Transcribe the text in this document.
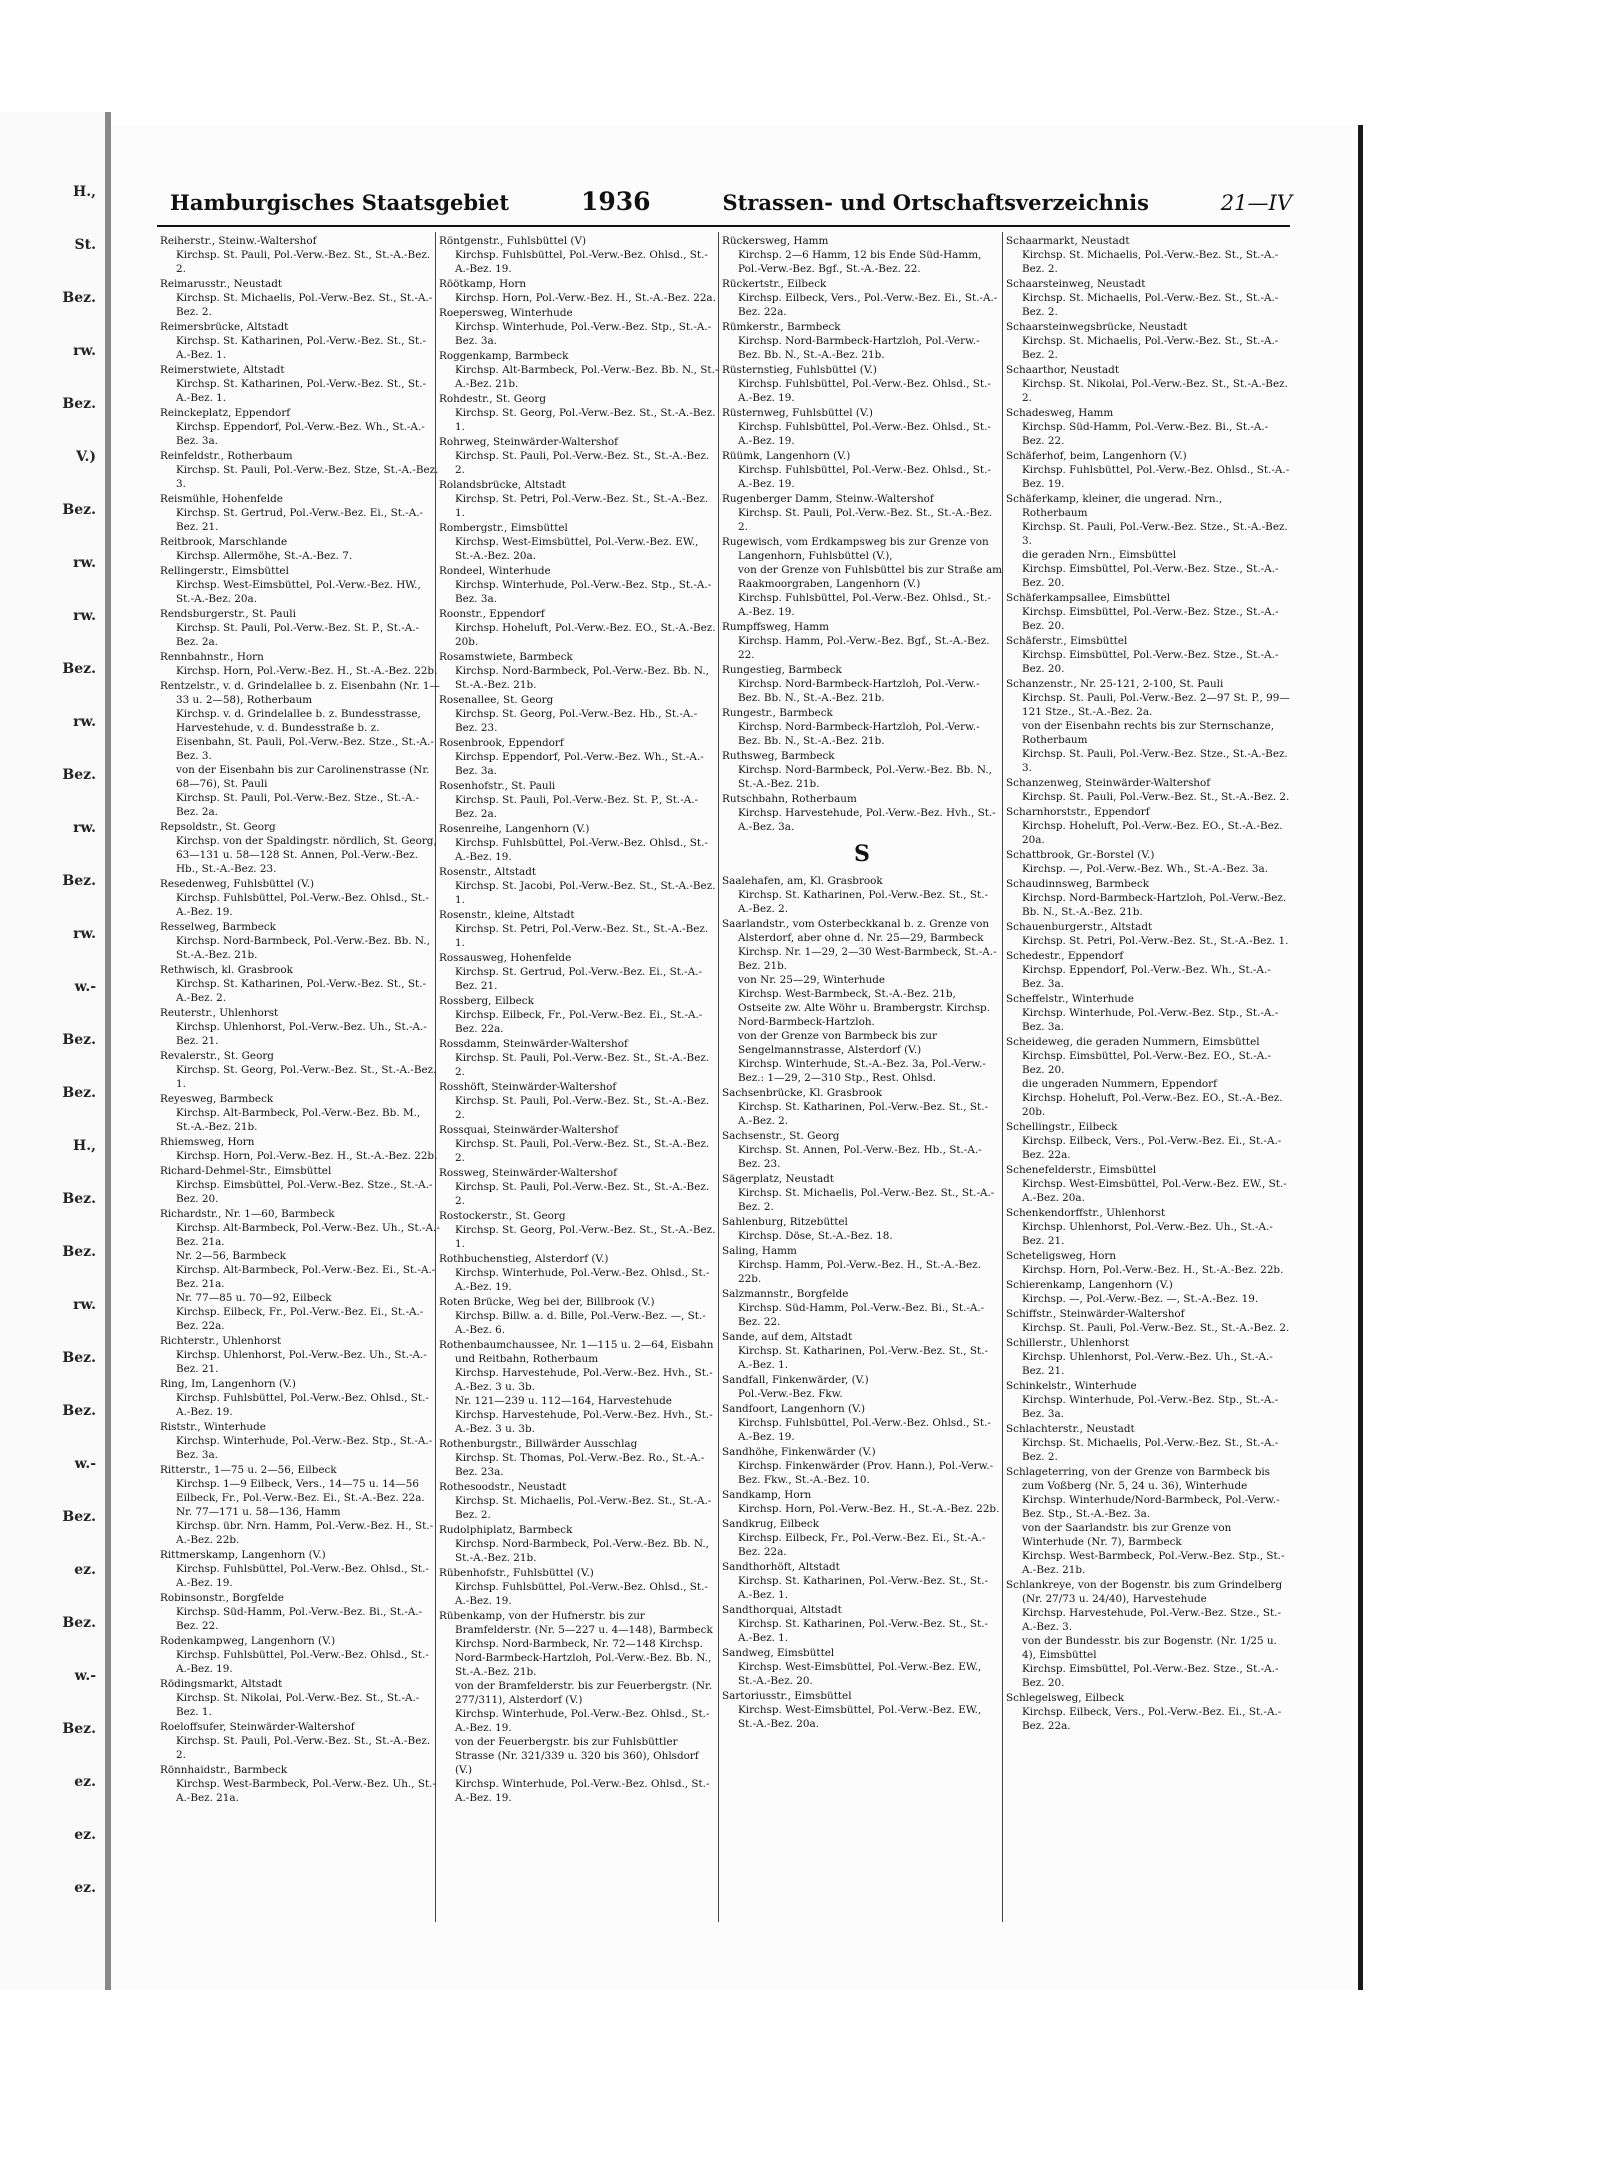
H.,
St.
Bez.
rw.
Bez.
V.)
Bez.
rw.
rw.
Bez.
rw.
Bez.
rw.
Bez.
rw.
w.-
Bez.
Bez.
H.,
Bez.
Bez.
rw.
Bez.
Bez.
w.-
Bez.
ez.
Bez.
w.-
Bez.
ez.
ez.
ez.
Hamburgisches Staatsgebiet	1936	Strassen- und Ortschaftsverzeichnis	21—IV

Reiherstr., Steinw.-Waltershof

Kirchsp. St. Pauli, Pol.-Verw.-Bez. St., St.-A.-Bez. 2.

Reimarusstr., Neustadt

Kirchsp. St. Michaelis, Pol.-Verw.-Bez. St., St.-A.-Bez. 2.

Reimersbrücke, Altstadt

Kirchsp. St. Katharinen, Pol.-Verw.-Bez. St., St.-A.-Bez. 1.

Reimerstwiete, Altstadt

Kirchsp. St. Katharinen, Pol.-Verw.-Bez. St., St.-A.-Bez. 1.

Reinckeplatz, Eppendorf

Kirchsp. Eppendorf, Pol.-Verw.-Bez. Wh., St.-A.-Bez. 3a.

Reinfeldstr., Rotherbaum

Kirchsp. St. Pauli, Pol.-Verw.-Bez. Stze, St.-A.-Bez. 3.

Reismühle, Hohenfelde

Kirchsp. St. Gertrud, Pol.-Verw.-Bez. Ei., St.-A.-Bez. 21.

Reitbrook, Marschlande

Kirchsp. Allermöhe, St.-A.-Bez. 7.

Rellingerstr., Eimsbüttel

Kirchsp. West-Eimsbüttel, Pol.-Verw.-Bez. HW., St.-A.-Bez. 20a.

Rendsburgerstr., St. Pauli

Kirchsp. St. Pauli, Pol.-Verw.-Bez. St. P., St.-A.-Bez. 2a.

Rennbahnstr., Horn

Kirchsp. Horn, Pol.-Verw.-Bez. H., St.-A.-Bez. 22b.

Rentzelstr., v. d. Grindelallee b. z. Eisenbahn (Nr. 1—33 u. 2—58), Rotherbaum

Kirchsp. v. d. Grindelallee b. z. Bundesstrasse, Harvestehude, v. d. Bundesstraße b. z. Eisenbahn, St. Pauli, Pol.-Verw.-Bez. Stze., St.-A.-Bez. 3.

von der Eisenbahn bis zur Carolinenstrasse (Nr. 68—76), St. Pauli

Kirchsp. St. Pauli, Pol.-Verw.-Bez. Stze., St.-A.-Bez. 2a.

Repsoldstr., St. Georg

Kirchsp. von der Spaldingstr. nördlich, St. Georg, 63—131 u. 58—128 St. Annen, Pol.-Verw.-Bez. Hb., St.-A.-Bez. 23.

Resedenweg, Fuhlsbüttel (V.)

Kirchsp. Fuhlsbüttel, Pol.-Verw.-Bez. Ohlsd., St.-A.-Bez. 19.

Resselweg, Barmbeck

Kirchsp. Nord-Barmbeck, Pol.-Verw.-Bez. Bb. N., St.-A.-Bez. 21b.

Rethwisch, kl. Grasbrook

Kirchsp. St. Katharinen, Pol.-Verw.-Bez. St., St.-A.-Bez. 2.

Reuterstr., Uhlenhorst

Kirchsp. Uhlenhorst, Pol.-Verw.-Bez. Uh., St.-A.-Bez. 21.

Revalerstr., St. Georg

Kirchsp. St. Georg, Pol.-Verw.-Bez. St., St.-A.-Bez. 1.

Reyesweg, Barmbeck

Kirchsp. Alt-Barmbeck, Pol.-Verw.-Bez. Bb. M., St.-A.-Bez. 21b.

Rhiemsweg, Horn

Kirchsp. Horn, Pol.-Verw.-Bez. H., St.-A.-Bez. 22b.

Richard-Dehmel-Str., Eimsbüttel

Kirchsp. Eimsbüttel, Pol.-Verw.-Bez. Stze., St.-A.-Bez. 20.

Richardstr., Nr. 1—60, Barmbeck

Kirchsp. Alt-Barmbeck, Pol.-Verw.-Bez. Uh., St.-A.-Bez. 21a.

Nr. 2—56, Barmbeck

Kirchsp. Alt-Barmbeck, Pol.-Verw.-Bez. Ei., St.-A.-Bez. 21a.

Nr. 77—85 u. 70—92, Eilbeck

Kirchsp. Eilbeck, Fr., Pol.-Verw.-Bez. Ei., St.-A.-Bez. 22a.

Richterstr., Uhlenhorst

Kirchsp. Uhlenhorst, Pol.-Verw.-Bez. Uh., St.-A.-Bez. 21.

Ring, Im, Langenhorn (V.)

Kirchsp. Fuhlsbüttel, Pol.-Verw.-Bez. Ohlsd., St.-A.-Bez. 19.

Riststr., Winterhude

Kirchsp. Winterhude, Pol.-Verw.-Bez. Stp., St.-A.-Bez. 3a.

Ritterstr., 1—75 u. 2—56, Eilbeck

Kirchsp. 1—9 Eilbeck, Vers., 14—75 u. 14—56 Eilbeck, Fr., Pol.-Verw.-Bez. Ei., St.-A.-Bez. 22a.

Nr. 77—171 u. 58—136, Hamm

Kirchsp. übr. Nrn. Hamm, Pol.-Verw.-Bez. H., St.-A.-Bez. 22b.

Rittmerskamp, Langenhorn (V.)

Kirchsp. Fuhlsbüttel, Pol.-Verw.-Bez. Ohlsd., St.-A.-Bez. 19.

Robinsonstr., Borgfelde

Kirchsp. Süd-Hamm, Pol.-Verw.-Bez. Bi., St.-A.-Bez. 22.

Rodenkampweg, Langenhorn (V.)

Kirchsp. Fuhlsbüttel, Pol.-Verw.-Bez. Ohlsd., St.-A.-Bez. 19.

Rödingsmarkt, Altstadt

Kirchsp. St. Nikolai, Pol.-Verw.-Bez. St., St.-A.-Bez. 1.

Roeloffsufer, Steinwärder-Waltershof

Kirchsp. St. Pauli, Pol.-Verw.-Bez. St., St.-A.-Bez. 2.

Rönnhaidstr., Barmbeck

Kirchsp. West-Barmbeck, Pol.-Verw.-Bez. Uh., St.-A.-Bez. 21a.

Röntgenstr., Fuhlsbüttel (V)

Kirchsp. Fuhlsbüttel, Pol.-Verw.-Bez. Ohlsd., St.-A.-Bez. 19.

Röötkamp, Horn

Kirchsp. Horn, Pol.-Verw.-Bez. H., St.-A.-Bez. 22a.

Roepersweg, Winterhude

Kirchsp. Winterhude, Pol.-Verw.-Bez. Stp., St.-A.-Bez. 3a.

Roggenkamp, Barmbeck

Kirchsp. Alt-Barmbeck, Pol.-Verw.-Bez. Bb. N., St.-A.-Bez. 21b.

Rohdestr., St. Georg

Kirchsp. St. Georg, Pol.-Verw.-Bez. St., St.-A.-Bez. 1.

Rohrweg, Steinwärder-Waltershof

Kirchsp. St. Pauli, Pol.-Verw.-Bez. St., St.-A.-Bez. 2.

Rolandsbrücke, Altstadt

Kirchsp. St. Petri, Pol.-Verw.-Bez. St., St.-A.-Bez. 1.

Rombergstr., Eimsbüttel

Kirchsp. West-Eimsbüttel, Pol.-Verw.-Bez. EW., St.-A.-Bez. 20a.

Rondeel, Winterhude

Kirchsp. Winterhude, Pol.-Verw.-Bez. Stp., St.-A.-Bez. 3a.

Roonstr., Eppendorf

Kirchsp. Hoheluft, Pol.-Verw.-Bez. EO., St.-A.-Bez. 20b.

Rosamstwiete, Barmbeck

Kirchsp. Nord-Barmbeck, Pol.-Verw.-Bez. Bb. N., St.-A.-Bez. 21b.

Rosenallee, St. Georg

Kirchsp. St. Georg, Pol.-Verw.-Bez. Hb., St.-A.-Bez. 23.

Rosenbrook, Eppendorf

Kirchsp. Eppendorf, Pol.-Verw.-Bez. Wh., St.-A.-Bez. 3a.

Rosenhofstr., St. Pauli

Kirchsp. St. Pauli, Pol.-Verw.-Bez. St. P., St.-A.-Bez. 2a.

Rosenreihe, Langenhorn (V.)

Kirchsp. Fuhlsbüttel, Pol.-Verw.-Bez. Ohlsd., St.-A.-Bez. 19.

Rosenstr., Altstadt

Kirchsp. St. Jacobi, Pol.-Verw.-Bez. St., St.-A.-Bez. 1.

Rosenstr., kleine, Altstadt

Kirchsp. St. Petri, Pol.-Verw.-Bez. St., St.-A.-Bez. 1.

Rossausweg, Hohenfelde

Kirchsp. St. Gertrud, Pol.-Verw.-Bez. Ei., St.-A.-Bez. 21.

Rossberg, Eilbeck

Kirchsp. Eilbeck, Fr., Pol.-Verw.-Bez. Ei., St.-A.-Bez. 22a.

Rossdamm, Steinwärder-Waltershof

Kirchsp. St. Pauli, Pol.-Verw.-Bez. St., St.-A.-Bez. 2.

Rosshöft, Steinwärder-Waltershof

Kirchsp. St. Pauli, Pol.-Verw.-Bez. St., St.-A.-Bez. 2.

Rossquai, Steinwärder-Waltershof

Kirchsp. St. Pauli, Pol.-Verw.-Bez. St., St.-A.-Bez. 2.

Rossweg, Steinwärder-Waltershof

Kirchsp. St. Pauli, Pol.-Verw.-Bez. St., St.-A.-Bez. 2.

Rostockerstr., St. Georg

Kirchsp. St. Georg, Pol.-Verw.-Bez. St., St.-A.-Bez. 1.

Rothbuchenstieg, Alsterdorf (V.)

Kirchsp. Winterhude, Pol.-Verw.-Bez. Ohlsd., St.-A.-Bez. 19.

Roten Brücke, Weg bei der, Billbrook (V.)

Kirchsp. Billw. a. d. Bille, Pol.-Verw.-Bez. —, St.-A.-Bez. 6.

Rothenbaumchaussee, Nr. 1—115 u. 2—64, Eisbahn und Reitbahn, Rotherbaum

Kirchsp. Harvestehude, Pol.-Verw.-Bez. Hvh., St.-A.-Bez. 3 u. 3b.

Nr. 121—239 u. 112—164, Harvestehude

Kirchsp. Harvestehude, Pol.-Verw.-Bez. Hvh., St.-A.-Bez. 3 u. 3b.

Rothenburgstr., Billwärder Ausschlag

Kirchsp. St. Thomas, Pol.-Verw.-Bez. Ro., St.-A.-Bez. 23a.

Rothesoodstr., Neustadt

Kirchsp. St. Michaelis, Pol.-Verw.-Bez. St., St.-A.-Bez. 2.

Rudolphiplatz, Barmbeck

Kirchsp. Nord-Barmbeck, Pol.-Verw.-Bez. Bb. N., St.-A.-Bez. 21b.

Rübenhofstr., Fuhlsbüttel (V.)

Kirchsp. Fuhlsbüttel, Pol.-Verw.-Bez. Ohlsd., St.-A.-Bez. 19.

Rübenkamp, von der Hufnerstr. bis zur Bramfelderstr. (Nr. 5—227 u. 4—148), Barmbeck

Kirchsp. Nord-Barmbeck, Nr. 72—148 Kirchsp. Nord-Barmbeck-Hartzloh, Pol.-Verw.-Bez. Bb. N., St.-A.-Bez. 21b.

von der Bramfelderstr. bis zur Feuerbergstr. (Nr. 277/311), Alsterdorf (V.)

Kirchsp. Winterhude, Pol.-Verw.-Bez. Ohlsd., St.-A.-Bez. 19.

von der Feuerbergstr. bis zur Fuhlsbüttler Strasse (Nr. 321/339 u. 320 bis 360), Ohlsdorf (V.)

Kirchsp. Winterhude, Pol.-Verw.-Bez. Ohlsd., St.-A.-Bez. 19.

Rückersweg, Hamm

Kirchsp. 2—6 Hamm, 12 bis Ende Süd-Hamm, Pol.-Verw.-Bez. Bgf., St.-A.-Bez. 22.

Rückertstr., Eilbeck

Kirchsp. Eilbeck, Vers., Pol.-Verw.-Bez. Ei., St.-A.-Bez. 22a.

Rümkerstr., Barmbeck

Kirchsp. Nord-Barmbeck-Hartzloh, Pol.-Verw.-Bez. Bb. N., St.-A.-Bez. 21b.

Rüsternstieg, Fuhlsbüttel (V.)

Kirchsp. Fuhlsbüttel, Pol.-Verw.-Bez. Ohlsd., St.-A.-Bez. 19.

Rüsternweg, Fuhlsbüttel (V.)

Kirchsp. Fuhlsbüttel, Pol.-Verw.-Bez. Ohlsd., St.-A.-Bez. 19.

Rüümk, Langenhorn (V.)

Kirchsp. Fuhlsbüttel, Pol.-Verw.-Bez. Ohlsd., St.-A.-Bez. 19.

Rugenberger Damm, Steinw.-Waltershof

Kirchsp. St. Pauli, Pol.-Verw.-Bez. St., St.-A.-Bez. 2.

Rugewisch, vom Erdkampsweg bis zur Grenze von Langenhorn, Fuhlsbüttel (V.),

von der Grenze von Fuhlsbüttel bis zur Straße am Raakmoorgraben, Langenhorn (V.)

Kirchsp. Fuhlsbüttel, Pol.-Verw.-Bez. Ohlsd., St.-A.-Bez. 19.

Rumpffsweg, Hamm

Kirchsp. Hamm, Pol.-Verw.-Bez. Bgf., St.-A.-Bez. 22.

Rungestieg, Barmbeck

Kirchsp. Nord-Barmbeck-Hartzloh, Pol.-Verw.-Bez. Bb. N., St.-A.-Bez. 21b.

Rungestr., Barmbeck

Kirchsp. Nord-Barmbeck-Hartzloh, Pol.-Verw.-Bez. Bb. N., St.-A.-Bez. 21b.

Ruthsweg, Barmbeck

Kirchsp. Nord-Barmbeck, Pol.-Verw.-Bez. Bb. N., St.-A.-Bez. 21b.

Rutschbahn, Rotherbaum

Kirchsp. Harvestehude, Pol.-Verw.-Bez. Hvh., St.-A.-Bez. 3a.

S

Saalehafen, am, Kl. Grasbrook

Kirchsp. St. Katharinen, Pol.-Verw.-Bez. St., St.-A.-Bez. 2.

Saarlandstr., vom Osterbeckkanal b. z. Grenze von Alsterdorf, aber ohne d. Nr. 25—29, Barmbeck

Kirchsp. Nr. 1—29, 2—30 West-Barmbeck, St.-A.-Bez. 21b.

von Nr. 25—29, Winterhude

Kirchsp. West-Barmbeck, St.-A.-Bez. 21b, Ostseite zw. Alte Wöhr u. Brambergstr. Kirchsp. Nord-Barmbeck-Hartzloh.

von der Grenze von Barmbeck bis zur Sengelmannstrasse, Alsterdorf (V.)

Kirchsp. Winterhude, St.-A.-Bez. 3a, Pol.-Verw.-Bez.: 1—29, 2—310 Stp., Rest. Ohlsd.

Sachsenbrücke, Kl. Grasbrook

Kirchsp. St. Katharinen, Pol.-Verw.-Bez. St., St.-A.-Bez. 2.

Sachsenstr., St. Georg

Kirchsp. St. Annen, Pol.-Verw.-Bez. Hb., St.-A.-Bez. 23.

Sägerplatz, Neustadt

Kirchsp. St. Michaelis, Pol.-Verw.-Bez. St., St.-A.-Bez. 2.

Sahlenburg, Ritzebüttel

Kirchsp. Döse, St.-A.-Bez. 18.

Saling, Hamm

Kirchsp. Hamm, Pol.-Verw.-Bez. H., St.-A.-Bez. 22b.

Salzmannstr., Borgfelde

Kirchsp. Süd-Hamm, Pol.-Verw.-Bez. Bi., St.-A.-Bez. 22.

Sande, auf dem, Altstadt

Kirchsp. St. Katharinen, Pol.-Verw.-Bez. St., St.-A.-Bez. 1.

Sandfall, Finkenwärder, (V.)

Pol.-Verw.-Bez. Fkw.

Sandfoort, Langenhorn (V.)

Kirchsp. Fuhlsbüttel, Pol.-Verw.-Bez. Ohlsd., St.-A.-Bez. 19.

Sandhöhe, Finkenwärder (V.)

Kirchsp. Finkenwärder (Prov. Hann.), Pol.-Verw.-Bez. Fkw., St.-A.-Bez. 10.

Sandkamp, Horn

Kirchsp. Horn, Pol.-Verw.-Bez. H., St.-A.-Bez. 22b.

Sandkrug, Eilbeck

Kirchsp. Eilbeck, Fr., Pol.-Verw.-Bez. Ei., St.-A.-Bez. 22a.

Sandthorhöft, Altstadt

Kirchsp. St. Katharinen, Pol.-Verw.-Bez. St., St.-A.-Bez. 1.

Sandthorquai, Altstadt

Kirchsp. St. Katharinen, Pol.-Verw.-Bez. St., St.-A.-Bez. 1.

Sandweg, Eimsbüttel

Kirchsp. West-Eimsbüttel, Pol.-Verw.-Bez. EW., St.-A.-Bez. 20.

Sartoriusstr., Eimsbüttel

Kirchsp. West-Eimsbüttel, Pol.-Verw.-Bez. EW., St.-A.-Bez. 20a.

Schaarmarkt, Neustadt

Kirchsp. St. Michaelis, Pol.-Verw.-Bez. St., St.-A.-Bez. 2.

Schaarsteinweg, Neustadt

Kirchsp. St. Michaelis, Pol.-Verw.-Bez. St., St.-A.-Bez. 2.

Schaarsteinwegsbrücke, Neustadt

Kirchsp. St. Michaelis, Pol.-Verw.-Bez. St., St.-A.-Bez. 2.

Schaarthor, Neustadt

Kirchsp. St. Nikolai, Pol.-Verw.-Bez. St., St.-A.-Bez. 2.

Schadesweg, Hamm

Kirchsp. Süd-Hamm, Pol.-Verw.-Bez. Bi., St.-A.-Bez. 22.

Schäferhof, beim, Langenhorn (V.)

Kirchsp. Fuhlsbüttel, Pol.-Verw.-Bez. Ohlsd., St.-A.-Bez. 19.

Schäferkamp, kleiner, die ungerad. Nrn., Rotherbaum

Kirchsp. St. Pauli, Pol.-Verw.-Bez. Stze., St.-A.-Bez. 3.

die geraden Nrn., Eimsbüttel

Kirchsp. Eimsbüttel, Pol.-Verw.-Bez. Stze., St.-A.-Bez. 20.

Schäferkampsallee, Eimsbüttel

Kirchsp. Eimsbüttel, Pol.-Verw.-Bez. Stze., St.-A.-Bez. 20.

Schäferstr., Eimsbüttel

Kirchsp. Eimsbüttel, Pol.-Verw.-Bez. Stze., St.-A.-Bez. 20.

Schanzenstr., Nr. 25-121, 2-100, St. Pauli

Kirchsp. St. Pauli, Pol.-Verw.-Bez. 2—97 St. P., 99—121 Stze., St.-A.-Bez. 2a.

von der Eisenbahn rechts bis zur Sternschanze, Rotherbaum

Kirchsp. St. Pauli, Pol.-Verw.-Bez. Stze., St.-A.-Bez. 3.

Schanzenweg, Steinwärder-Waltershof

Kirchsp. St. Pauli, Pol.-Verw.-Bez. St., St.-A.-Bez. 2.

Scharnhorststr., Eppendorf

Kirchsp. Hoheluft, Pol.-Verw.-Bez. EO., St.-A.-Bez. 20a.

Schattbrook, Gr.-Borstel (V.)

Kirchsp. —, Pol.-Verw.-Bez. Wh., St.-A.-Bez. 3a.

Schaudinnsweg, Barmbeck

Kirchsp. Nord-Barmbeck-Hartzloh, Pol.-Verw.-Bez. Bb. N., St.-A.-Bez. 21b.

Schauenburgerstr., Altstadt

Kirchsp. St. Petri, Pol.-Verw.-Bez. St., St.-A.-Bez. 1.

Schedestr., Eppendorf

Kirchsp. Eppendorf, Pol.-Verw.-Bez. Wh., St.-A.-Bez. 3a.

Scheffelstr., Winterhude

Kirchsp. Winterhude, Pol.-Verw.-Bez. Stp., St.-A.-Bez. 3a.

Scheideweg, die geraden Nummern, Eimsbüttel

Kirchsp. Eimsbüttel, Pol.-Verw.-Bez. EO., St.-A.-Bez. 20.

die ungeraden Nummern, Eppendorf

Kirchsp. Hoheluft, Pol.-Verw.-Bez. EO., St.-A.-Bez. 20b.

Schellingstr., Eilbeck

Kirchsp. Eilbeck, Vers., Pol.-Verw.-Bez. Ei., St.-A.-Bez. 22a.

Schenefelderstr., Eimsbüttel

Kirchsp. West-Eimsbüttel, Pol.-Verw.-Bez. EW., St.-A.-Bez. 20a.

Schenkendorffstr., Uhlenhorst

Kirchsp. Uhlenhorst, Pol.-Verw.-Bez. Uh., St.-A.-Bez. 21.

Scheteligsweg, Horn

Kirchsp. Horn, Pol.-Verw.-Bez. H., St.-A.-Bez. 22b.

Schierenkamp, Langenhorn (V.)

Kirchsp. —, Pol.-Verw.-Bez. —, St.-A.-Bez. 19.

Schiffstr., Steinwärder-Waltershof

Kirchsp. St. Pauli, Pol.-Verw.-Bez. St., St.-A.-Bez. 2.

Schillerstr., Uhlenhorst

Kirchsp. Uhlenhorst, Pol.-Verw.-Bez. Uh., St.-A.-Bez. 21.

Schinkelstr., Winterhude

Kirchsp. Winterhude, Pol.-Verw.-Bez. Stp., St.-A.-Bez. 3a.

Schlachterstr., Neustadt

Kirchsp. St. Michaelis, Pol.-Verw.-Bez. St., St.-A.-Bez. 2.

Schlageterring, von der Grenze von Barmbeck bis zum Voßberg (Nr. 5, 24 u. 36), Winterhude

Kirchsp. Winterhude/Nord-Barmbeck, Pol.-Verw.-Bez. Stp., St.-A.-Bez. 3a.

von der Saarlandstr. bis zur Grenze von Winterhude (Nr. 7), Barmbeck

Kirchsp. West-Barmbeck, Pol.-Verw.-Bez. Stp., St.-A.-Bez. 21b.

Schlankreye, von der Bogenstr. bis zum Grindelberg (Nr. 27/73 u. 24/40), Harvestehude

Kirchsp. Harvestehude, Pol.-Verw.-Bez. Stze., St.-A.-Bez. 3.

von der Bundesstr. bis zur Bogenstr. (Nr. 1/25 u. 4), Eimsbüttel

Kirchsp. Eimsbüttel, Pol.-Verw.-Bez. Stze., St.-A.-Bez. 20.

Schlegelsweg, Eilbeck

Kirchsp. Eilbeck, Vers., Pol.-Verw.-Bez. Ei., St.-A.-Bez. 22a.
